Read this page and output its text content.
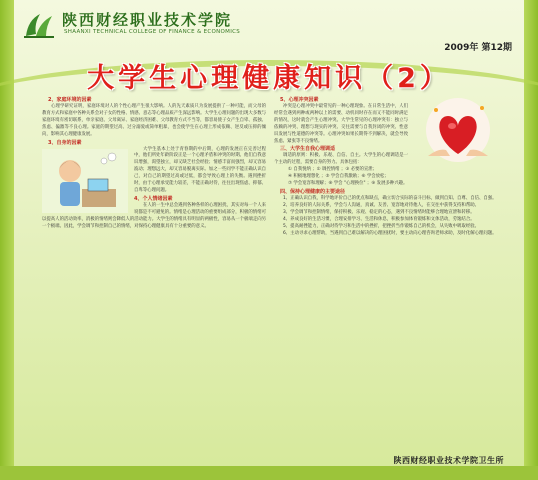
陕西财经职业技术学院
SHAANXI TECHNICAL COLLEGE OF FINANCE & ECONOMICS
2009年 第12期
大学生心理健康知识（2）
2、家庭环境的因素
心理学研究证明，家庭环境对人的个性心理产生很大影响。人的先天素质只为发展提供了一种可能，而父母的教育方式和家庭中各种关系会对子女的性格、情感、意志等心理品质产生深远影响。大学生心理问题的出现大多数与家庭环境有密切联系，单亲家庭、父母离异、家庭经济困难、父母教育方式不当等，都容易使子女产生自卑、孤独、焦虑、偏激等不良心理。家庭的期望过高、过分溺爱或简单粗暴，也会使学生在心理上形成依赖、逆反或压抑的倾向，影响其心理健康发展。
3、自身的因素
大学生基本上处于青春期的中后期，心理的发展正在完善过程中，他们所处年龄阶段正是一个心理矛盾和冲突的时期。他们自我意识增强，渴望独立，却又缺乏社会经验；情感丰富而强烈，却又容易波动；理想远大，却又容易脱离实际。加之一些同学不能正确认识自己，对自己的期望过高或过低，都会导致心理上的失衡。遇到挫折时，由于心理承受能力较差，不能正确对待，往往出现焦虑、抑郁、自卑等心理问题。
4、个人情绪因素
在人的一生中总会遇到各种各样的心理困扰，其实对每一个人来说都是不可避免的。情绪是心理活动的重要组成部分，积极的情绪可以提高人的活动效率，消极的情绪则会降低人的活动能力。大学生的情绪具有明显的两极性，容易从一个极端走向另一个极端。因此，学会调节和控制自己的情绪，对保持心理健康具有十分重要的意义。
5、心理冲突因素
冲突是心理冲突中最常见的一种心理现象。在日常生活中，人们经常会遇到两种或两种以上的需要、动机同时存在而又不能同时满足的情况，这时就会产生心理冲突。大学生常见的心理冲突有：独立与依赖的冲突、理想与现实的冲突、交往需要与自我封闭的冲突、性意识发展与性道德的冲突等。心理冲突如果长期得不到解决，就会导致焦虑、紧张等不良情绪。
三、大学生自我心理调适
调适的原则：积极、乐观、自信、自主。大学生的心理调适是一个主动的过程，需要自身的努力。具体包括：
① 自我悦纳 ；② 调控情绪 ；③ 必要的宣泄；
④ 积极地理想化 ；⑤ 学会自我激励；⑥ 学会放松；
⑦ 学会宽容和理解；⑧ 学会 "心理换位" ；⑨ 发展多种兴趣。
四、保持心理健康的主要途径
1、正确认识自我，科学地评价自己的优点和缺点，确立切合实际的奋斗目标，做到自知、自尊、自信、自强。
2、培养良好的人际关系，学会与人沟通，真诚、友善、宽容地对待他人，在交往中获得支持和帮助。
3、学会调节和控制情绪，保持积极、乐观、稳定的心态，遇到不良情绪时能够合理地宣泄和转移。
4、养成良好的生活习惯，合理安排学习、生活和休息，积极参加体育锻炼和文体活动，劳逸结合。
5、提高耐挫能力，正确对待学习和生活中的挫折，把挫折当作锻炼自己的机会，从失败中吸取经验。
6、主动寻求心理帮助，当遇到自己难以解决的心理困扰时，要主动向心理咨询老师求助，及时化解心理问题。
陕西财经职业技术学院卫生所
